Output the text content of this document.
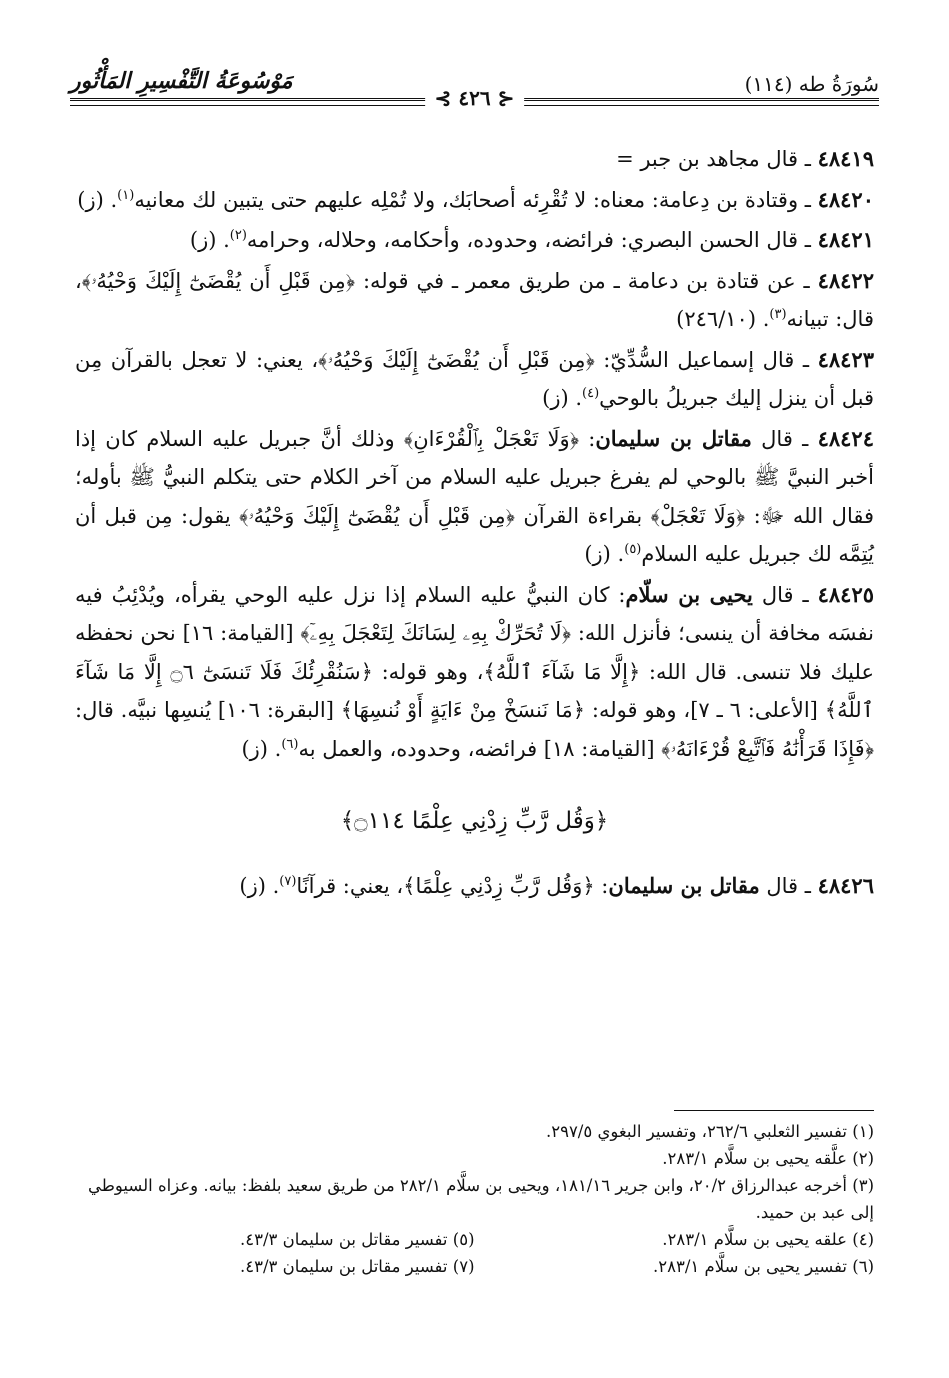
سُورَةُ طه (١١٤)
⊰ ٤٢٦ ⊱
مَوْسُوعَةُ التَّفْسِيرِ المَأْثُور

٤٨٤١٩ ـ قال مجاهد بن جبر =

٤٨٤٢٠ ـ وقتادة بن دِعامة: معناه: لا تُقْرِئه أصحابَك، ولا تُمْلِه عليهم حتى يتبين لك معانيه$^{(١)}$. (ز)

٤٨٤٢١ ـ قال الحسن البصري: فرائضه، وحدوده، وأحكامه، وحلاله، وحرامه$^{(٢)}$. (ز)

٤٨٤٢٢ ـ عن قتادة بن دعامة ـ من طريق معمر ـ في قوله: ﴿مِن قَبْلِ أَن يُقْضَىٰٓ إِلَيْكَ وَحْيُهُۥ﴾، قال: تبيانه$^{(٣)}$. (٢٤٦/١٠)

٤٨٤٢٣ ـ قال إسماعيل السُّدِّيّ: ﴿مِن قَبْلِ أَن يُقْضَىٰٓ إِلَيْكَ وَحْيُهُۥ﴾، يعني: لا تعجل بالقرآن مِن قبل أن ينزل إليك جبريلُ بالوحي$^{(٤)}$. (ز)

٤٨٤٢٤ ـ قال مقاتل بن سليمان: ﴿وَلَا تَعْجَلْ بِٱلْقُرْءَانِ﴾ وذلك أنَّ جبريل عليه السلام كان إذا أخبر النبيَّ ﷺ بالوحي لم يفرغ جبريل عليه السلام من آخر الكلام حتى يتكلم النبيُّ ﷺ بأوله؛ فقال الله ﷻ: ﴿وَلَا تَعْجَلْ﴾ بقراءة القرآن ﴿مِن قَبْلِ أَن يُقْضَىٰٓ إِلَيْكَ وَحْيُهُۥ﴾ يقول: مِن قبل أن يُتِمَّه لك جبريل عليه السلام$^{(٥)}$. (ز)

٤٨٤٢٥ ـ قال يحيى بن سلّام: كان النبيُّ عليه السلام إذا نزل عليه الوحي يقرأه، ويُدْئِبُ فيه نفسَه مخافة أن ينسى؛ فأنزل الله: ﴿لَا تُحَرِّكْ بِهِۦ لِسَانَكَ لِتَعْجَلَ بِهِۦٓ﴾ [القيامة: ١٦] نحن نحفظه عليك فلا تنسى. قال الله: ﴿إِلَّا مَا شَآءَ ٱللَّهُ﴾، وهو قوله: ﴿سَنُقْرِئُكَ فَلَا تَنسَىٰٓ ۝٦ إِلَّا مَا شَآءَ ٱللَّهُ﴾ [الأعلى: ٦ ـ ٧]، وهو قوله: ﴿مَا نَنسَخْ مِنْ ءَايَةٍ أَوْ نُنسِهَا﴾ [البقرة: ١٠٦] يُنسِها نبيَّه. قال: ﴿فَإِذَا قَرَأْنَٰهُ فَٱتَّبِعْ قُرْءَانَهُۥ﴾ [القيامة: ١٨] فرائضه، وحدوده، والعمل به$^{(٦)}$. (ز)

﴿وَقُل رَّبِّ زِدْنِي عِلْمًا ۝١١٤﴾

٤٨٤٢٦ ـ قال مقاتل بن سليمان: ﴿وَقُل رَّبِّ زِدْنِي عِلْمًا﴾، يعني: قرآنًا$^{(٧)}$. (ز)

(١) تفسير الثعلبي ٢٦٢/٦، وتفسير البغوي ٢٩٧/٥.

(٢) علَّقه يحيى بن سلَّام ٢٨٣/١.

(٣) أخرجه عبدالرزاق ٢٠/٢، وابن جرير ١٨١/١٦، ويحيى بن سلَّام ٢٨٢/١ من طريق سعيد بلفظ: بيانه. وعزاه السيوطي إلى عبد بن حميد.

(٤) علقه يحيى بن سلَّام ٢٨٣/١.

(٥) تفسير مقاتل بن سليمان ٤٣/٣.

(٦) تفسير يحيى بن سلَّام ٢٨٣/١.

(٧) تفسير مقاتل بن سليمان ٤٣/٣.
